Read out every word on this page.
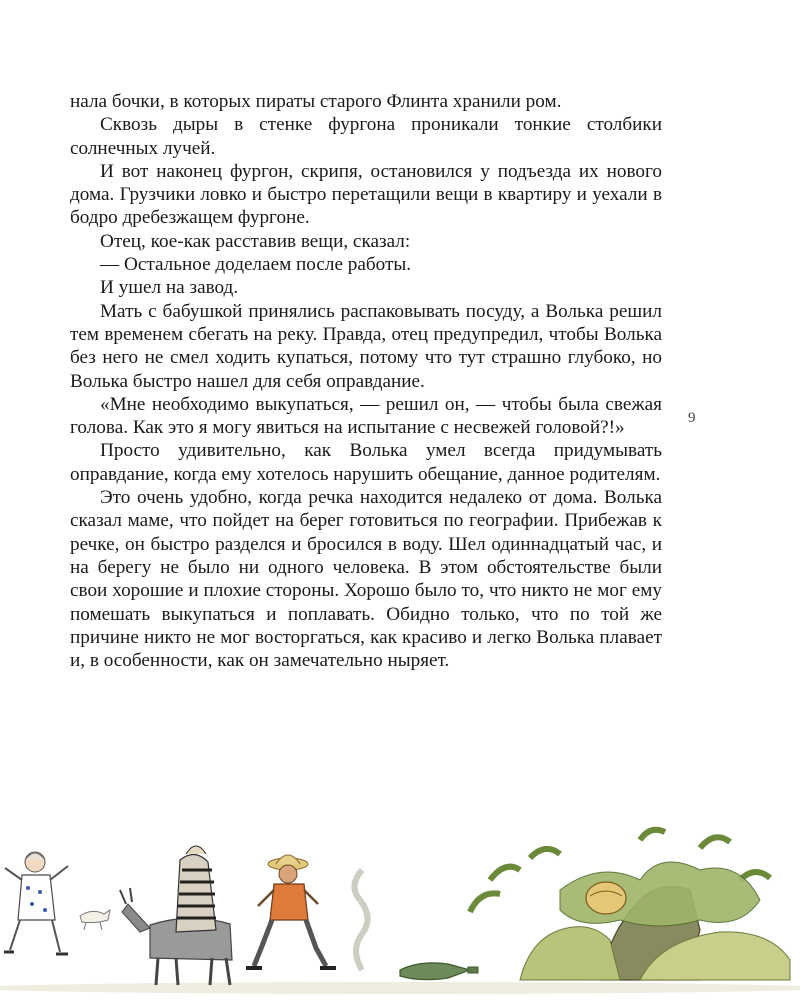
нала бочки, в которых пираты старого Флинта хранили ром.

Сквозь дыры в стенке фургона проникали тонкие столбики солнечных лучей.

И вот наконец фургон, скрипя, остановился у подъезда их нового дома. Грузчики ловко и быстро перетащили вещи в квартиру и уехали в бодро дребезжащем фургоне.

Отец, кое-как расставив вещи, сказал:

— Остальное доделаем после работы.

И ушел на завод.

Мать с бабушкой принялись распаковывать посуду, а Волька решил тем временем сбегать на реку. Правда, отец предупредил, чтобы Волька без него не смел ходить купаться, потому что тут страшно глубоко, но Волька быстро нашел для себя оправдание.

«Мне необходимо выкупаться, — решил он, — чтобы была свежая голова. Как это я могу явиться на испытание с несвежей головой?!»

Просто удивительно, как Волька умел всегда придумывать оправдание, когда ему хотелось нарушить обещание, данное родителям.

Это очень удобно, когда речка находится недалеко от дома. Волька сказал маме, что пойдет на берег готовиться по географии. Прибежав к речке, он быстро разделся и бросился в воду. Шел одиннадцатый час, и на берегу не было ни одного человека. В этом обстоятельстве были свои хорошие и плохие стороны. Хорошо было то, что никто не мог ему помешать выкупаться и поплавать. Обидно только, что по той же причине никто не мог восторгаться, как красиво и легко Волька плавает и, в особенности, как он замечательно ныряет.

9
